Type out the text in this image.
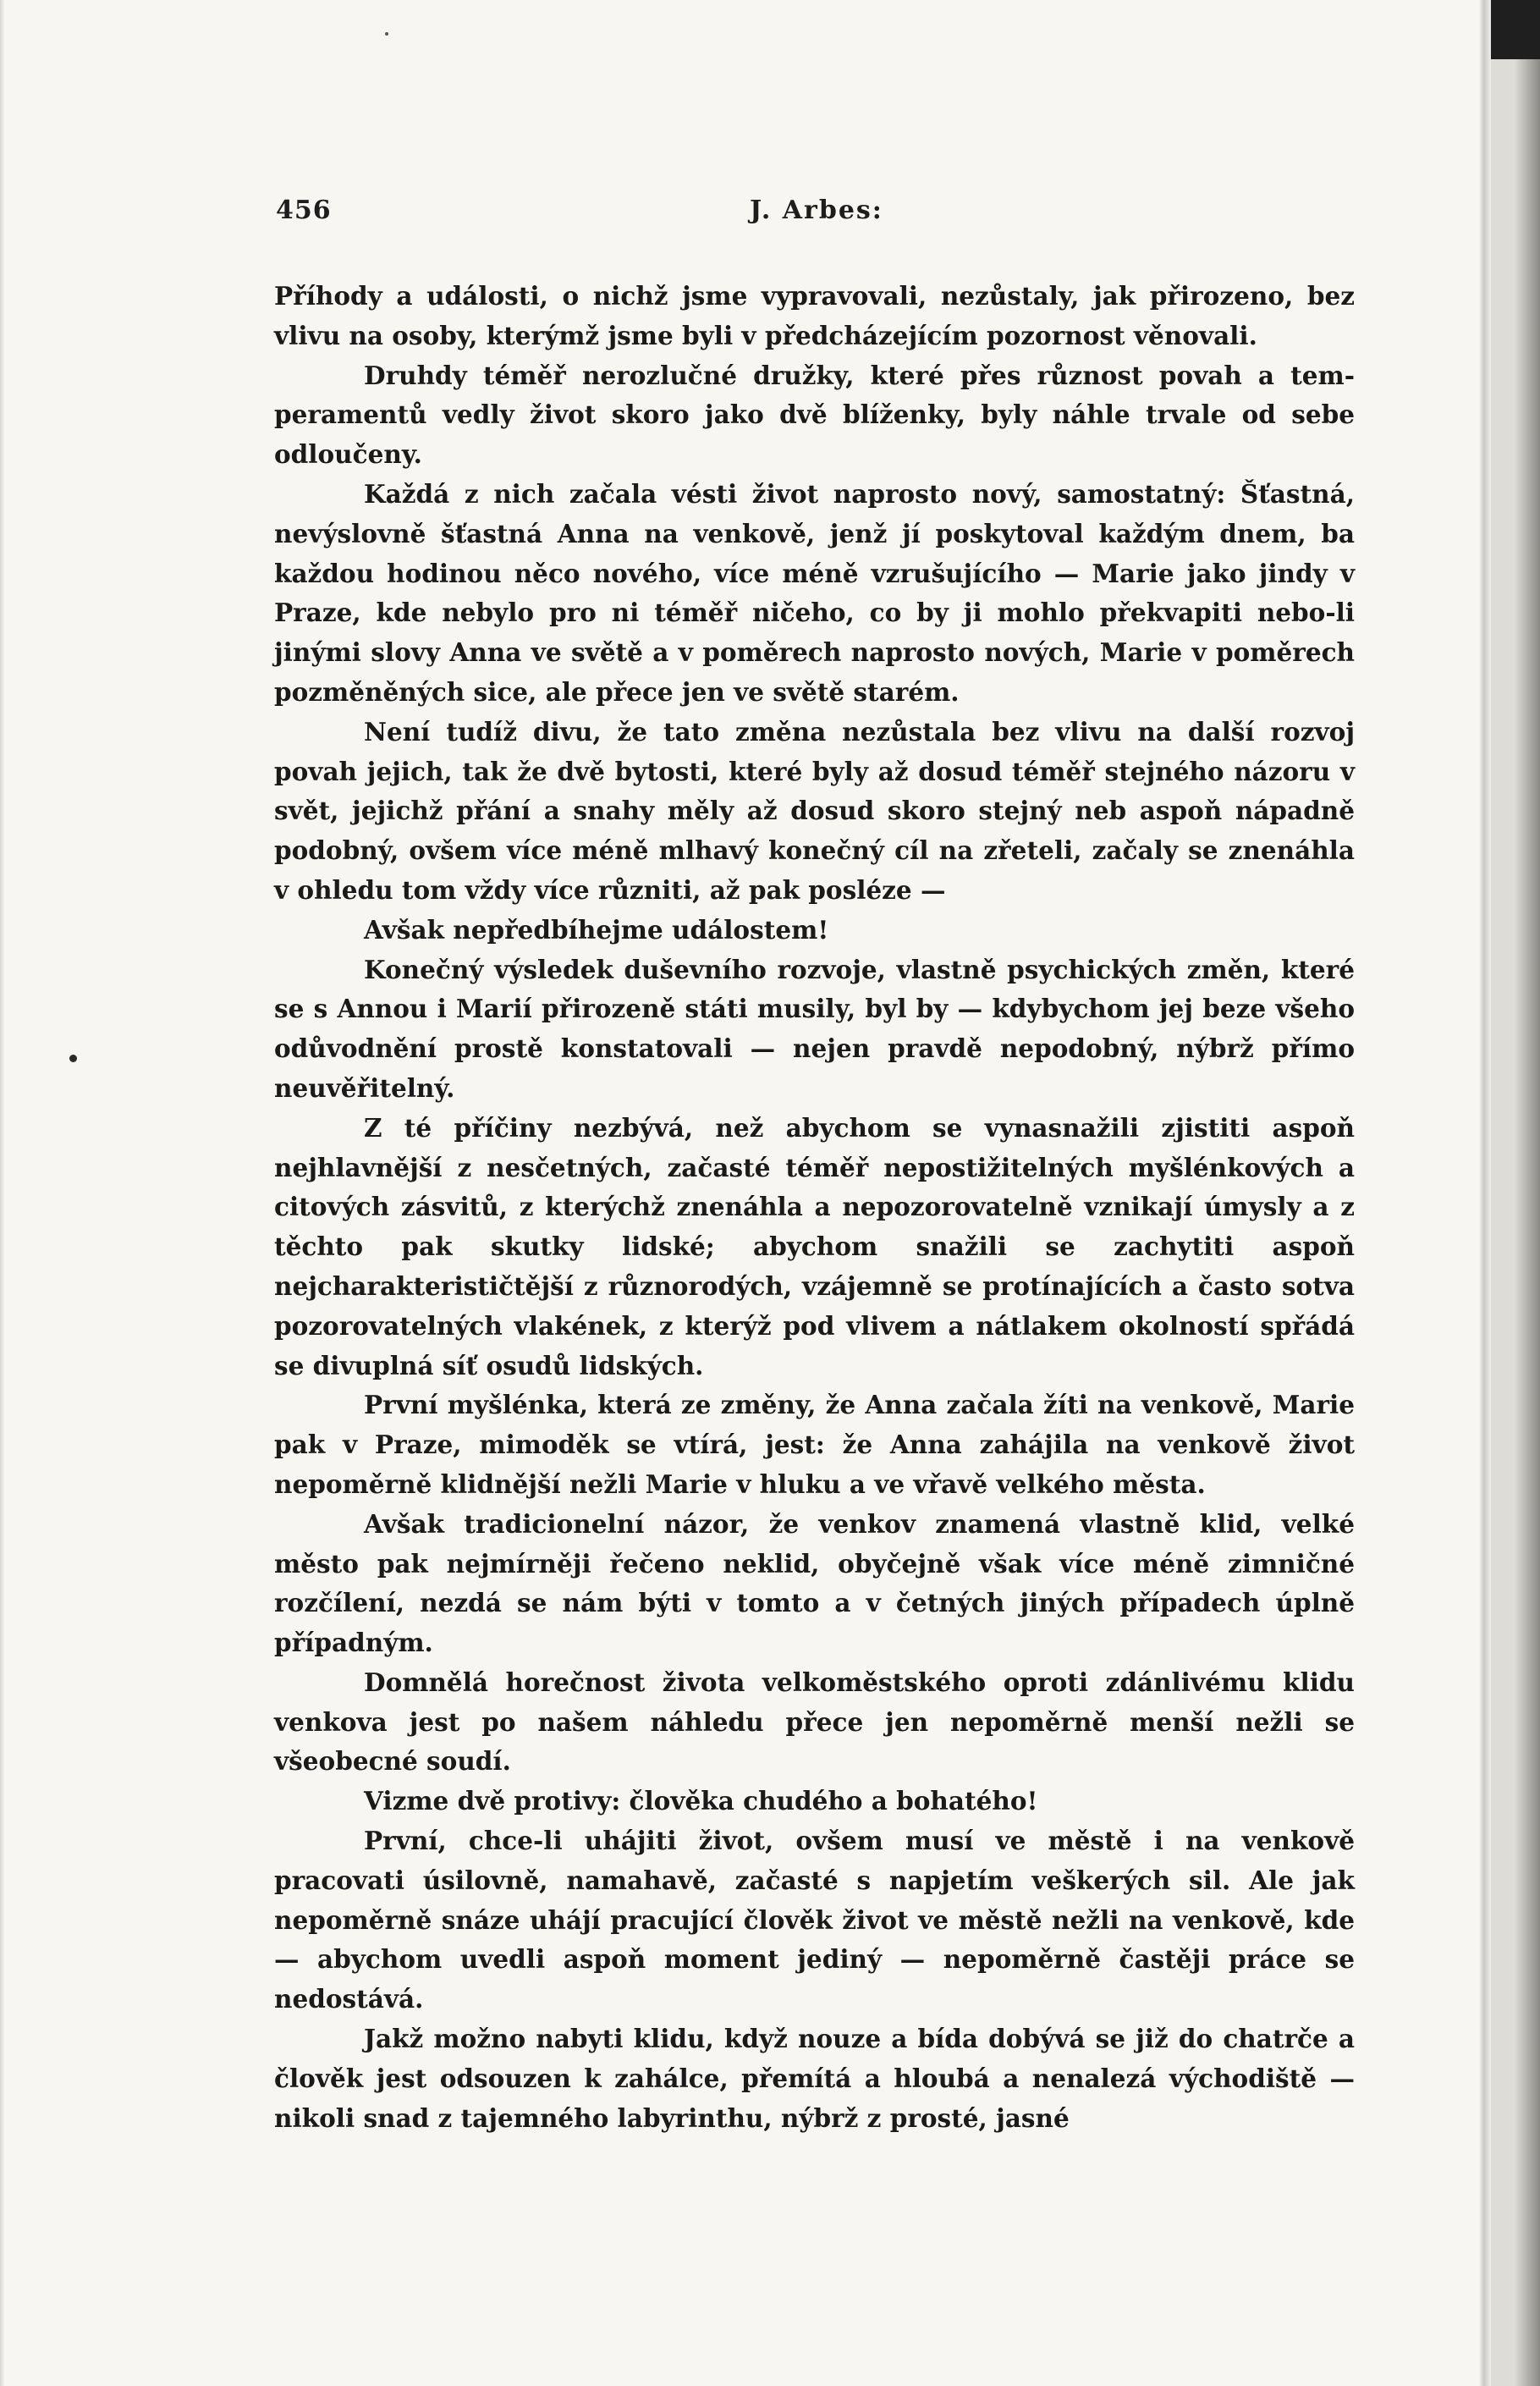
456	J. Arbes:

Příhody a události, o nichž jsme vypravovali, nezůstaly, jak přirozeno, bez vlivu na osoby, kterýmž jsme byli v předcházejícím pozornost věnovali.

Druhdy téměř nerozlučné družky, které přes různost povah a temperamentů vedly život skoro jako dvě blíženky, byly náhle trvale od sebe odloučeny.

Každá z nich začala vésti život naprosto nový, samostatný: Šťastná, nevýslovně šťastná Anna na venkově, jenž jí poskytoval každým dnem, ba každou hodinou něco nového, více méně vzrušujícího — Marie jako jindy v Praze, kde nebylo pro ni téměř ničeho, co by ji mohlo překvapiti nebo-li jinými slovy Anna ve světě a v poměrech naprosto nových, Marie v poměrech pozměněných sice, ale přece jen ve světě starém.

Není tudíž divu, že tato změna nezůstala bez vlivu na další rozvoj povah jejich, tak že dvě bytosti, které byly až dosud téměř stejného názoru v svět, jejichž přání a snahy měly až dosud skoro stejný neb aspoň nápadně podobný, ovšem více méně mlhavý konečný cíl na zřeteli, začaly se znenáhla v ohledu tom vždy více různiti, až pak posléze —

Avšak nepředbíhejme událostem!

Konečný výsledek duševního rozvoje, vlastně psychických změn, které se s Annou i Marií přirozeně státi musily, byl by — kdybychom jej beze všeho odůvodnění prostě konstatovali — nejen pravdě nepodobný, nýbrž přímo neuvěřitelný.

Z té příčiny nezbývá, než abychom se vynasnažili zjistiti aspoň nejhlavnější z nesčetných, začasté téměř nepostižitelných myšlénkových a citových zásvitů, z kterýchž znenáhla a nepozorovatelně vznikají úmysly a z těchto pak skutky lidské; abychom snažili se zachytiti aspoň nejcharakterističtější z různorodých, vzájemně se protínajících a často sotva pozorovatelných vlakének, z kterýž pod vlivem a nátlakem okolností spřádá se divuplná síť osudů lidských.

První myšlénka, která ze změny, že Anna začala žíti na venkově, Marie pak v Praze, mimoděk se vtírá, jest: že Anna zahájila na venkově život nepoměrně klidnější nežli Marie v hluku a ve vřavě velkého města.

Avšak tradicionelní názor, že venkov znamená vlastně klid, velké město pak nejmírněji řečeno neklid, obyčejně však více méně zimničné rozčílení, nezdá se nám býti v tomto a v četných jiných případech úplně případným.

Domnělá horečnost života velkoměstského oproti zdánlivému klidu venkova jest po našem náhledu přece jen nepoměrně menší nežli se všeobecné soudí.

Vizme dvě protivy: člověka chudého a bohatého!

První, chce-li uhájiti život, ovšem musí ve městě i na venkově pracovati úsilovně, namahavě, začasté s napjetím veškerých sil. Ale jak nepoměrně snáze uhájí pracující člověk život ve městě nežli na venkově, kde — abychom uvedli aspoň moment jediný — nepoměrně častěji práce se nedostává.

Jakž možno nabyti klidu, když nouze a bída dobývá se již do chatrče a člověk jest odsouzen k zahálce, přemítá a hloubá a nenalezá východiště — nikoli snad z tajemného labyrinthu, nýbrž z prosté, jasné
